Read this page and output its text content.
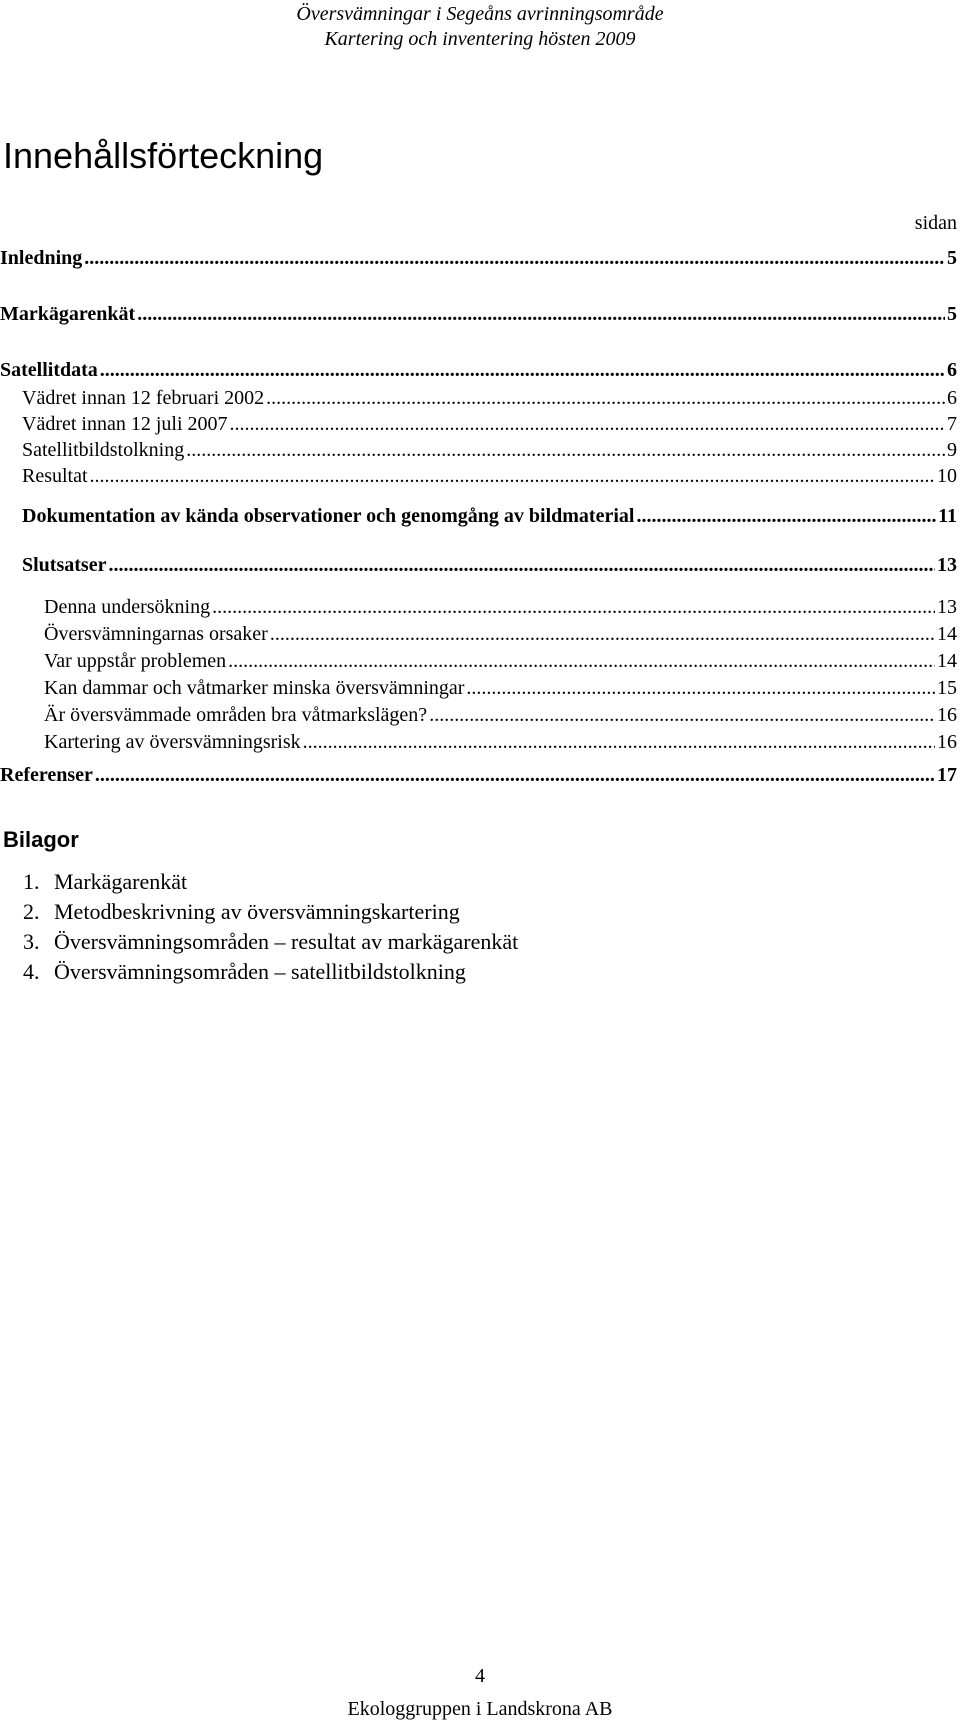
Översvämningar i Segeåns avrinningsområde
Kartering och inventering hösten 2009
Innehållsförteckning
sidan
Inledning .....	5
Markägarenkät .....	5
Satellitdata .....	6
Vädret innan 12 februari 2002 .....	6
Vädret innan 12 juli 2007 .....	7
Satellitbildstolkning .....	9
Resultat .....	10
Dokumentation av kända observationer och genomgång av bildmaterial .....	11
Slutsatser .....	13
Denna undersökning .....	13
Översvämningarnas orsaker .....	14
Var uppstår problemen .....	14
Kan dammar och våtmarker minska översvämningar .....	15
Är översvämmade områden bra våtmarkslägen? .....	16
Kartering av översvämningsrisk .....	16
Referenser .....	17
Bilagor
1. Markägarenkät
2. Metodbeskrivning av översvämningskartering
3. Översvämningsområden – resultat av markägarenkät
4. Översvämningsområden – satellitbildstolkning
4
Ekologgruppen i Landskrona AB
